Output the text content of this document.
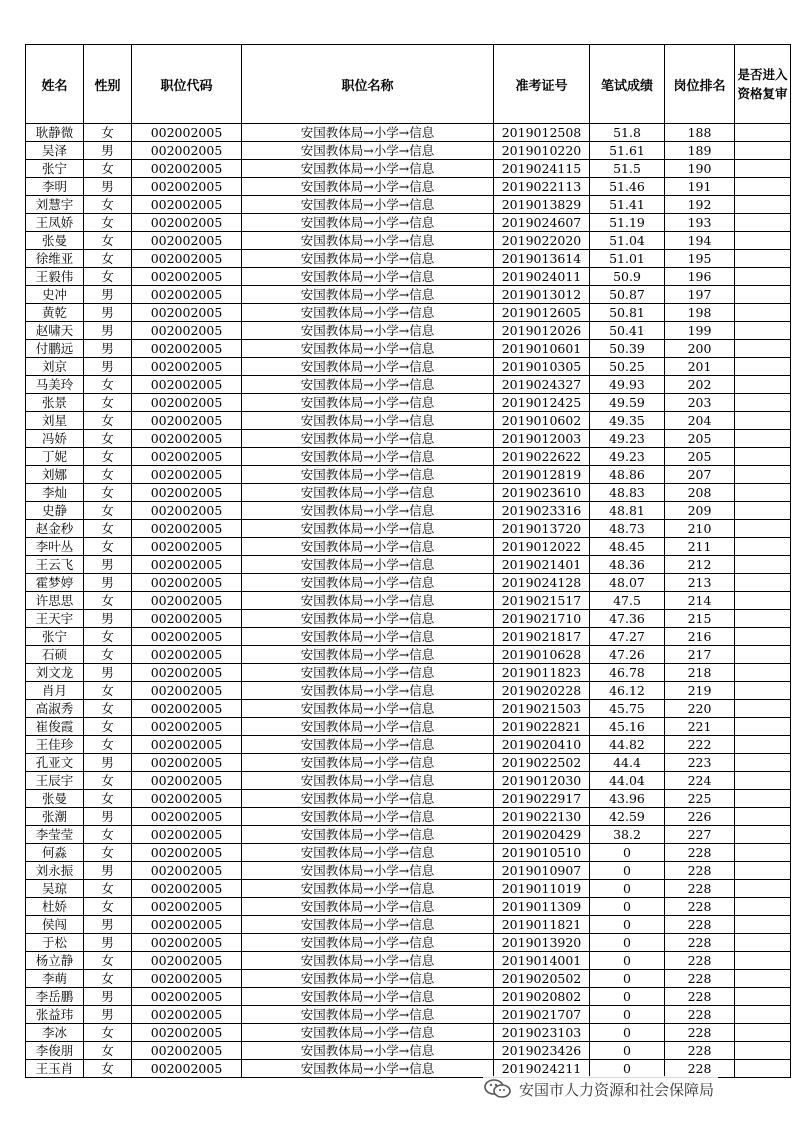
姓名	性别	职位代码	职位名称	准考证号	笔试成绩	岗位排名	是否进入资格复审
耿静微	女	002002005	安国教体局→小学→信息	2019012508	51.8	188	
吴泽	男	002002005	安国教体局→小学→信息	2019010220	51.61	189	
张宁	女	002002005	安国教体局→小学→信息	2019024115	51.5	190	
李明	男	002002005	安国教体局→小学→信息	2019022113	51.46	191	
刘慧宇	女	002002005	安国教体局→小学→信息	2019013829	51.41	192	
王凤娇	女	002002005	安国教体局→小学→信息	2019024607	51.19	193	
张曼	女	002002005	安国教体局→小学→信息	2019022020	51.04	194	
徐维亚	女	002002005	安国教体局→小学→信息	2019013614	51.01	195	
王毅伟	女	002002005	安国教体局→小学→信息	2019024011	50.9	196	
史冲	男	002002005	安国教体局→小学→信息	2019013012	50.87	197	
黄乾	男	002002005	安国教体局→小学→信息	2019012605	50.81	198	
赵啸天	男	002002005	安国教体局→小学→信息	2019012026	50.41	199	
付鹏远	男	002002005	安国教体局→小学→信息	2019010601	50.39	200	
刘京	男	002002005	安国教体局→小学→信息	2019010305	50.25	201	
马美玲	女	002002005	安国教体局→小学→信息	2019024327	49.93	202	
张景	女	002002005	安国教体局→小学→信息	2019012425	49.59	203	
刘星	女	002002005	安国教体局→小学→信息	2019010602	49.35	204	
冯娇	女	002002005	安国教体局→小学→信息	2019012003	49.23	205	
丁妮	女	002002005	安国教体局→小学→信息	2019022622	49.23	205	
刘娜	女	002002005	安国教体局→小学→信息	2019012819	48.86	207	
李灿	女	002002005	安国教体局→小学→信息	2019023610	48.83	208	
史静	女	002002005	安国教体局→小学→信息	2019023316	48.81	209	
赵金秒	女	002002005	安国教体局→小学→信息	2019013720	48.73	210	
李叶丛	女	002002005	安国教体局→小学→信息	2019012022	48.45	211	
王云飞	男	002002005	安国教体局→小学→信息	2019021401	48.36	212	
霍梦婷	男	002002005	安国教体局→小学→信息	2019024128	48.07	213	
许思思	女	002002005	安国教体局→小学→信息	2019021517	47.5	214	
王天宇	男	002002005	安国教体局→小学→信息	2019021710	47.36	215	
张宁	女	002002005	安国教体局→小学→信息	2019021817	47.27	216	
石硕	女	002002005	安国教体局→小学→信息	2019010628	47.26	217	
刘文龙	男	002002005	安国教体局→小学→信息	2019011823	46.78	218	
肖月	女	002002005	安国教体局→小学→信息	2019020228	46.12	219	
高淑秀	女	002002005	安国教体局→小学→信息	2019021503	45.75	220	
崔俊霞	女	002002005	安国教体局→小学→信息	2019022821	45.16	221	
王佳珍	女	002002005	安国教体局→小学→信息	2019020410	44.82	222	
孔亚文	男	002002005	安国教体局→小学→信息	2019022502	44.4	223	
王辰宇	女	002002005	安国教体局→小学→信息	2019012030	44.04	224	
张曼	女	002002005	安国教体局→小学→信息	2019022917	43.96	225	
张潮	男	002002005	安国教体局→小学→信息	2019022130	42.59	226	
李莹莹	女	002002005	安国教体局→小学→信息	2019020429	38.2	227	
何淼	女	002002005	安国教体局→小学→信息	2019010510	0	228	
刘永振	男	002002005	安国教体局→小学→信息	2019010907	0	228	
吴琼	女	002002005	安国教体局→小学→信息	2019011019	0	228	
杜娇	女	002002005	安国教体局→小学→信息	2019011309	0	228	
侯闯	男	002002005	安国教体局→小学→信息	2019011821	0	228	
于松	男	002002005	安国教体局→小学→信息	2019013920	0	228	
杨立静	女	002002005	安国教体局→小学→信息	2019014001	0	228	
李萌	女	002002005	安国教体局→小学→信息	2019020502	0	228	
李岳鹏	男	002002005	安国教体局→小学→信息	2019020802	0	228	
张益玮	男	002002005	安国教体局→小学→信息	2019021707	0	228	
李冰	女	002002005	安国教体局→小学→信息	2019023103	0	228	
李俊朋	女	002002005	安国教体局→小学→信息	2019023426	0	228	
王玉肖	女	002002005	安国教体局→小学→信息	2019024211	0	228	
安国市人力资源和社会保障局
